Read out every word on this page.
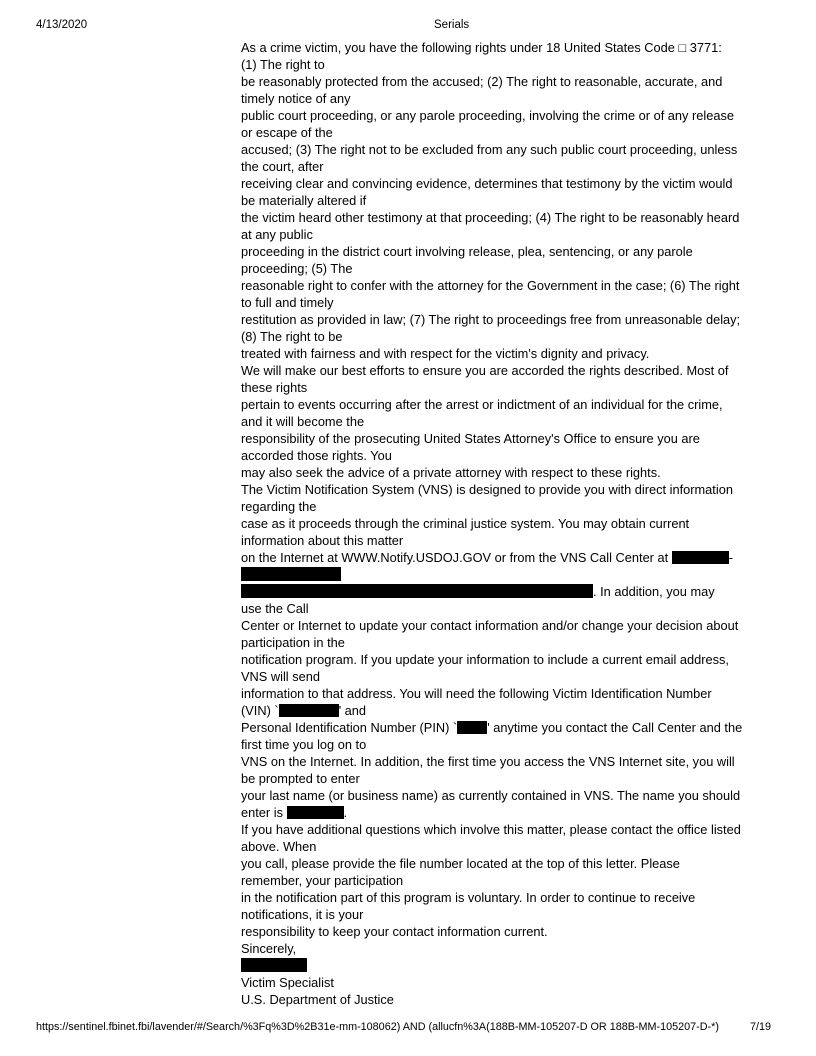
4/13/2020	Serials
As a crime victim, you have the following rights under 18 United States Code □ 3771:
(1) The right to
be reasonably protected from the accused; (2) The right to reasonable, accurate, and
timely notice of any
public court proceeding, or any parole proceeding, involving the crime or of any release
or escape of the
accused; (3) The right not to be excluded from any such public court proceeding, unless
the court, after
receiving clear and convincing evidence, determines that testimony by the victim would
be materially altered if
the victim heard other testimony at that proceeding; (4) The right to be reasonably heard
at any public
proceeding in the district court involving release, plea, sentencing, or any parole
proceeding; (5) The
reasonable right to confer with the attorney for the Government in the case; (6) The right
to full and timely
restitution as provided in law; (7) The right to proceedings free from unreasonable delay;
(8) The right to be
treated with fairness and with respect for the victim's dignity and privacy.
We will make our best efforts to ensure you are accorded the rights described. Most of
these rights
pertain to events occurring after the arrest or indictment of an individual for the crime,
and it will become the
responsibility of the prosecuting United States Attorney's Office to ensure you are
accorded those rights. You
may also seek the advice of a private attorney with respect to these rights.
The Victim Notification System (VNS) is designed to provide you with direct information
regarding the
case as it proceeds through the criminal justice system. You may obtain current
information about this matter
on the Internet at WWW.Notify.USDOJ.GOV or from the VNS Call Center at	-
. In addition, you may
use the Call
Center or Internet to update your contact information and/or change your decision about
participation in the
notification program. If you update your information to include a current email address,
VNS will send
information to that address. You will need the following Victim Identification Number
(VIN) `	' and
Personal Identification Number (PIN) ` ' anytime you contact the Call Center and the
first time you log on to
VNS on the Internet. In addition, the first time you access the VNS Internet site, you will
be prompted to enter
your last name (or business name) as currently contained in VNS. The name you should
enter is	.
If you have additional questions which involve this matter, please contact the office listed
above. When
you call, please provide the file number located at the top of this letter. Please
remember, your participation
in the notification part of this program is voluntary. In order to continue to receive
notifications, it is your
responsibility to keep your contact information current.
Sincerely,
Victim Specialist
U.S. Department of Justice
https://sentinel.fbinet.fbi/lavender/#/Search/%3Fq%3D%2B31e-mm-108062) AND (allucfn%3A(188B-MM-105207-D OR 188B-MM-105207-D-*)	7/19
